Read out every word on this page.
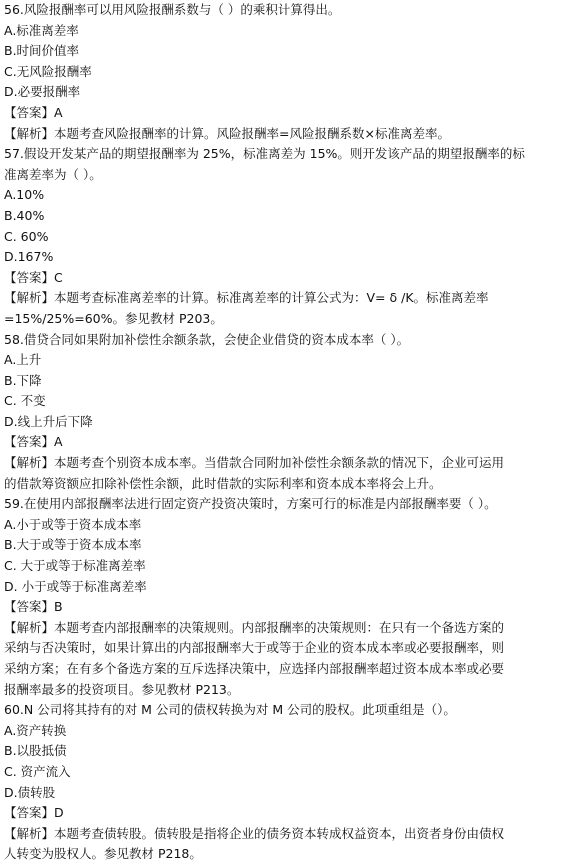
56.风险报酬率可以用风险报酬系数与（ ）的乘积计算得出。
A.标准离差率
B.时间价值率
C.无风险报酬率
D.必要报酬率
【答案】A
【解析】本题考查风险报酬率的计算。风险报酬率=风险报酬系数×标准离差率。
57.假设开发某产品的期望报酬率为 25%，标准离差为 15%。则开发该产品的期望报酬率的标
准离差率为（ ）。
A.10%
B.40%
C. 60%
D.167%
【答案】C
【解析】本题考查标准离差率的计算。标准离差率的计算公式为：V= δ /K。标准离差率
=15%/25%=60%。参见教材 P203。
58.借贷合同如果附加补偿性余额条款，会使企业借贷的资本成本率（ ）。
A.上升
B.下降
C. 不变
D.线上升后下降
【答案】A
【解析】本题考查个别资本成本率。当借款合同附加补偿性余额条款的情况下，企业可运用
的借款筹资额应扣除补偿性余额，此时借款的实际利率和资本成本率将会上升。
59.在使用内部报酬率法进行固定资产投资决策时，方案可行的标准是内部报酬率要（ ）。
A.小于或等于资本成本率
B.大于或等于资本成本率
C. 大于或等于标准离差率
D. 小于或等于标准离差率
【答案】B
【解析】本题考查内部报酬率的决策规则。内部报酬率的决策规则：在只有一个备选方案的
采纳与否决策时，如果计算出的内部报酬率大于或等于企业的资本成本率或必要报酬率，则
采纳方案；在有多个备选方案的互斥选择决策中，应选择内部报酬率超过资本成本率或必要
报酬率最多的投资项目。参见教材 P213。
60.N 公司将其持有的对 M 公司的债权转换为对 M 公司的股权。此项重组是（）。
A.资产转换
B.以股抵债
C. 资产流入
D.债转股
【答案】D
【解析】本题考查债转股。债转股是指将企业的债务资本转成权益资本，出资者身份由债权
人转变为股权人。参见教材 P218。
